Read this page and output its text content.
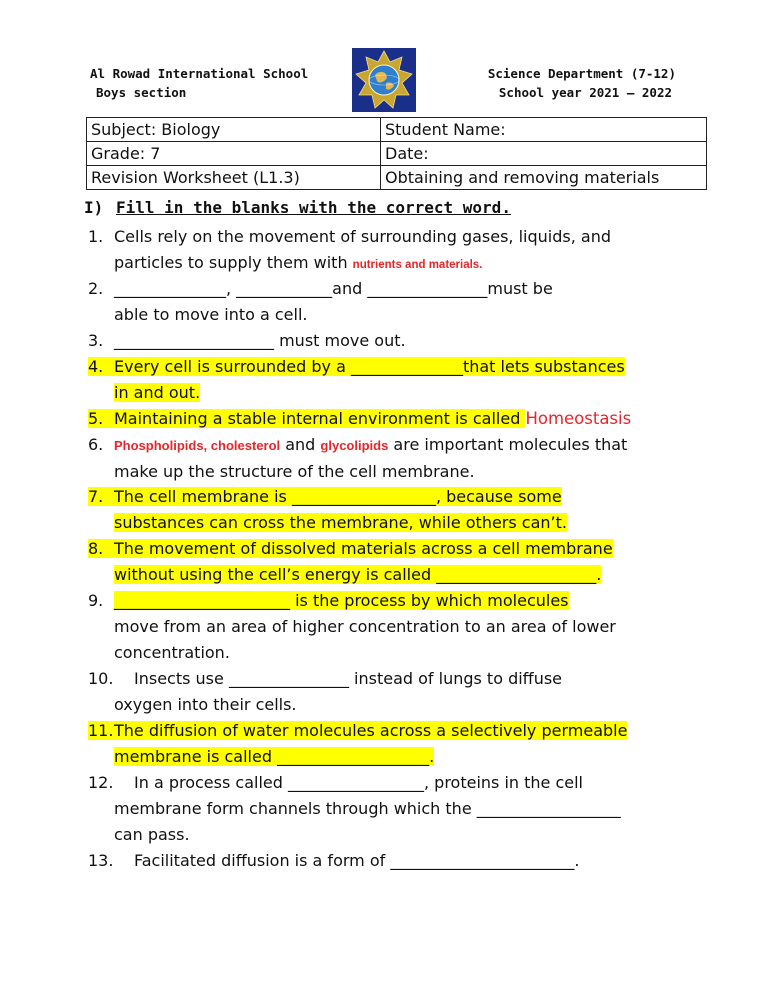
Al Rowad International School
Boys section
Science Department (7-12)
School year 2021 – 2022
Subject: Biology	Student Name:
Grade: 7	Date:
Revision Worksheet (L1.3)	Obtaining and removing materials
I) Fill in the blanks with the correct word.
1. Cells rely on the movement of surrounding gases, liquids, and
particles to supply them with nutrients and materials.
2. ______________, ____________and _______________must be
able to move into a cell.
3. ____________________ must move out.
4. Every cell is surrounded by a ______________that lets substances
in and out.
5. Maintaining a stable internal environment is called Homeostasis
6. Phospholipids, cholesterol and glycolipids are important molecules that
make up the structure of the cell membrane.
7. The cell membrane is __________________, because some
substances can cross the membrane, while others can’t.
8. The movement of dissolved materials across a cell membrane
without using the cell’s energy is called ____________________.
9. ______________________ is the process by which molecules
move from an area of higher concentration to an area of lower
concentration.
10. Insects use _______________ instead of lungs to diffuse
oxygen into their cells.
11.The diffusion of water molecules across a selectively permeable
membrane is called ___________________.
12. In a process called _________________, proteins in the cell
membrane form channels through which the __________________
can pass.
13. Facilitated diffusion is a form of _______________________.
